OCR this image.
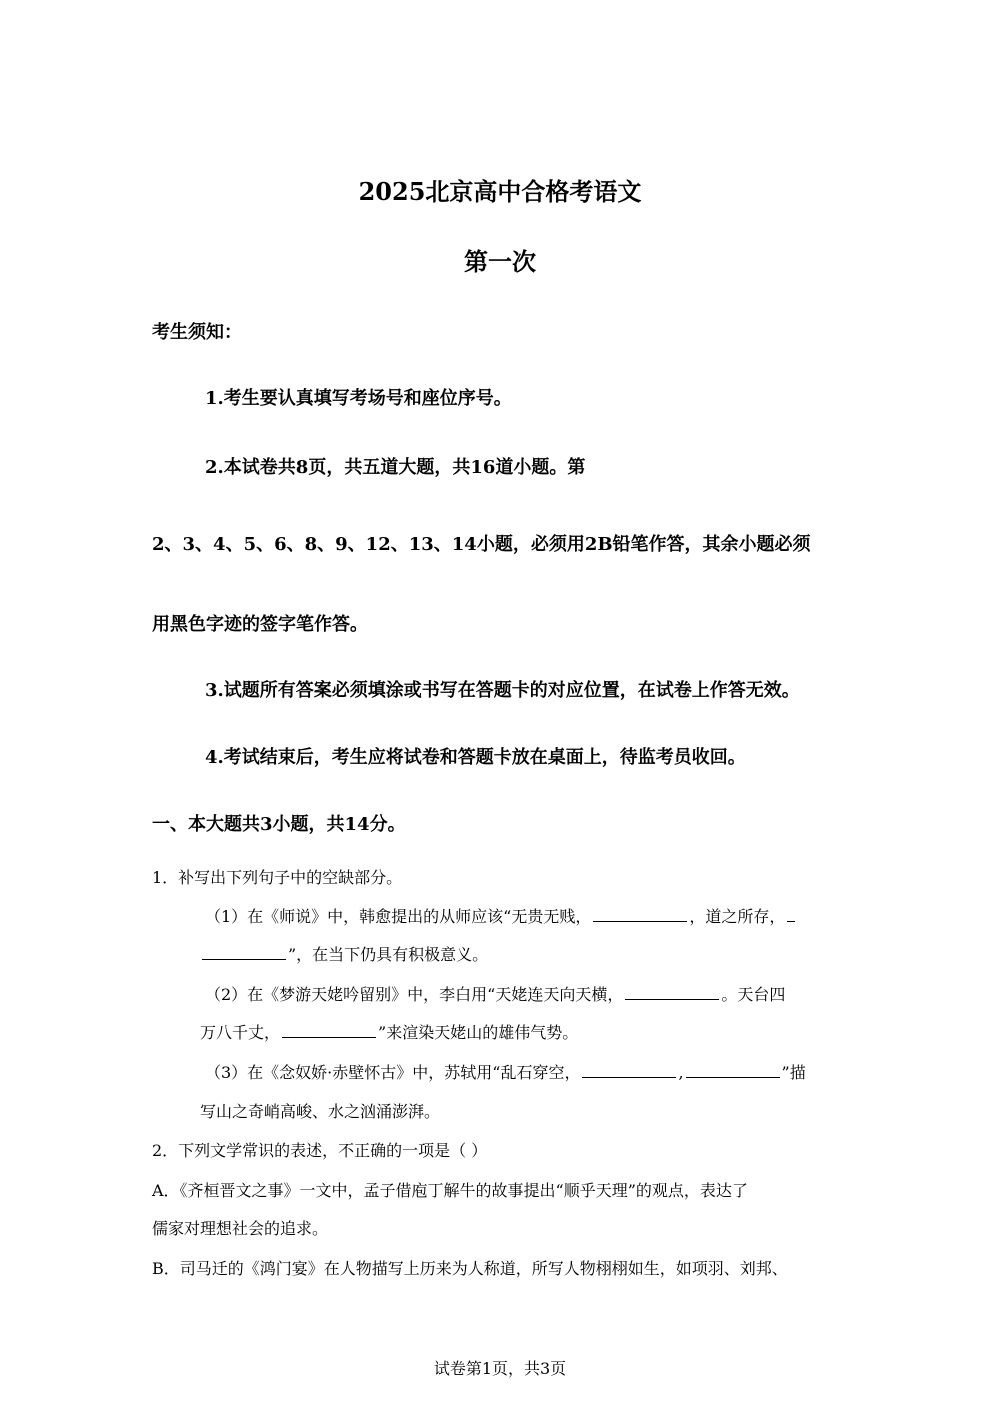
2025北京高中合格考语文
第一次
考生须知：
1.考生要认真填写考场号和座位序号。
2.本试卷共8页，共五道大题，共16道小题。第
2、3、4、5、6、8、9、12、13、14小题，必须用2B铅笔作答，其余小题必须
用黑色字迹的签字笔作答。
3.试题所有答案必须填涂或书写在答题卡的对应位置，在试卷上作答无效。
4.考试结束后，考生应将试卷和答题卡放在桌面上，待监考员收回。
一、本大题共3小题，共14分。
1．补写出下列句子中的空缺部分。
（1）在《师说》中，韩愈提出的从师应该“无贵无贱，	，道之所存，
”，在当下仍具有积极意义。
（2）在《梦游天姥吟留别》中，李白用“天姥连天向天横，	。天台四
万八千丈，	”来渲染天姥山的雄伟气势。
（3）在《念奴娇·赤壁怀古》中，苏轼用“乱石穿空，	,	”描
写山之奇峭高峻、水之汹涌澎湃。
2．下列文学常识的表述，不正确的一项是（ ）
A．《齐桓晋文之事》一文中，孟子借庖丁解牛的故事提出“顺乎天理”的观点，表达了
儒家对理想社会的追求。
B．司马迁的《鸿门宴》在人物描写上历来为人称道，所写人物栩栩如生，如项羽、刘邦、
试卷第1页，共3页
